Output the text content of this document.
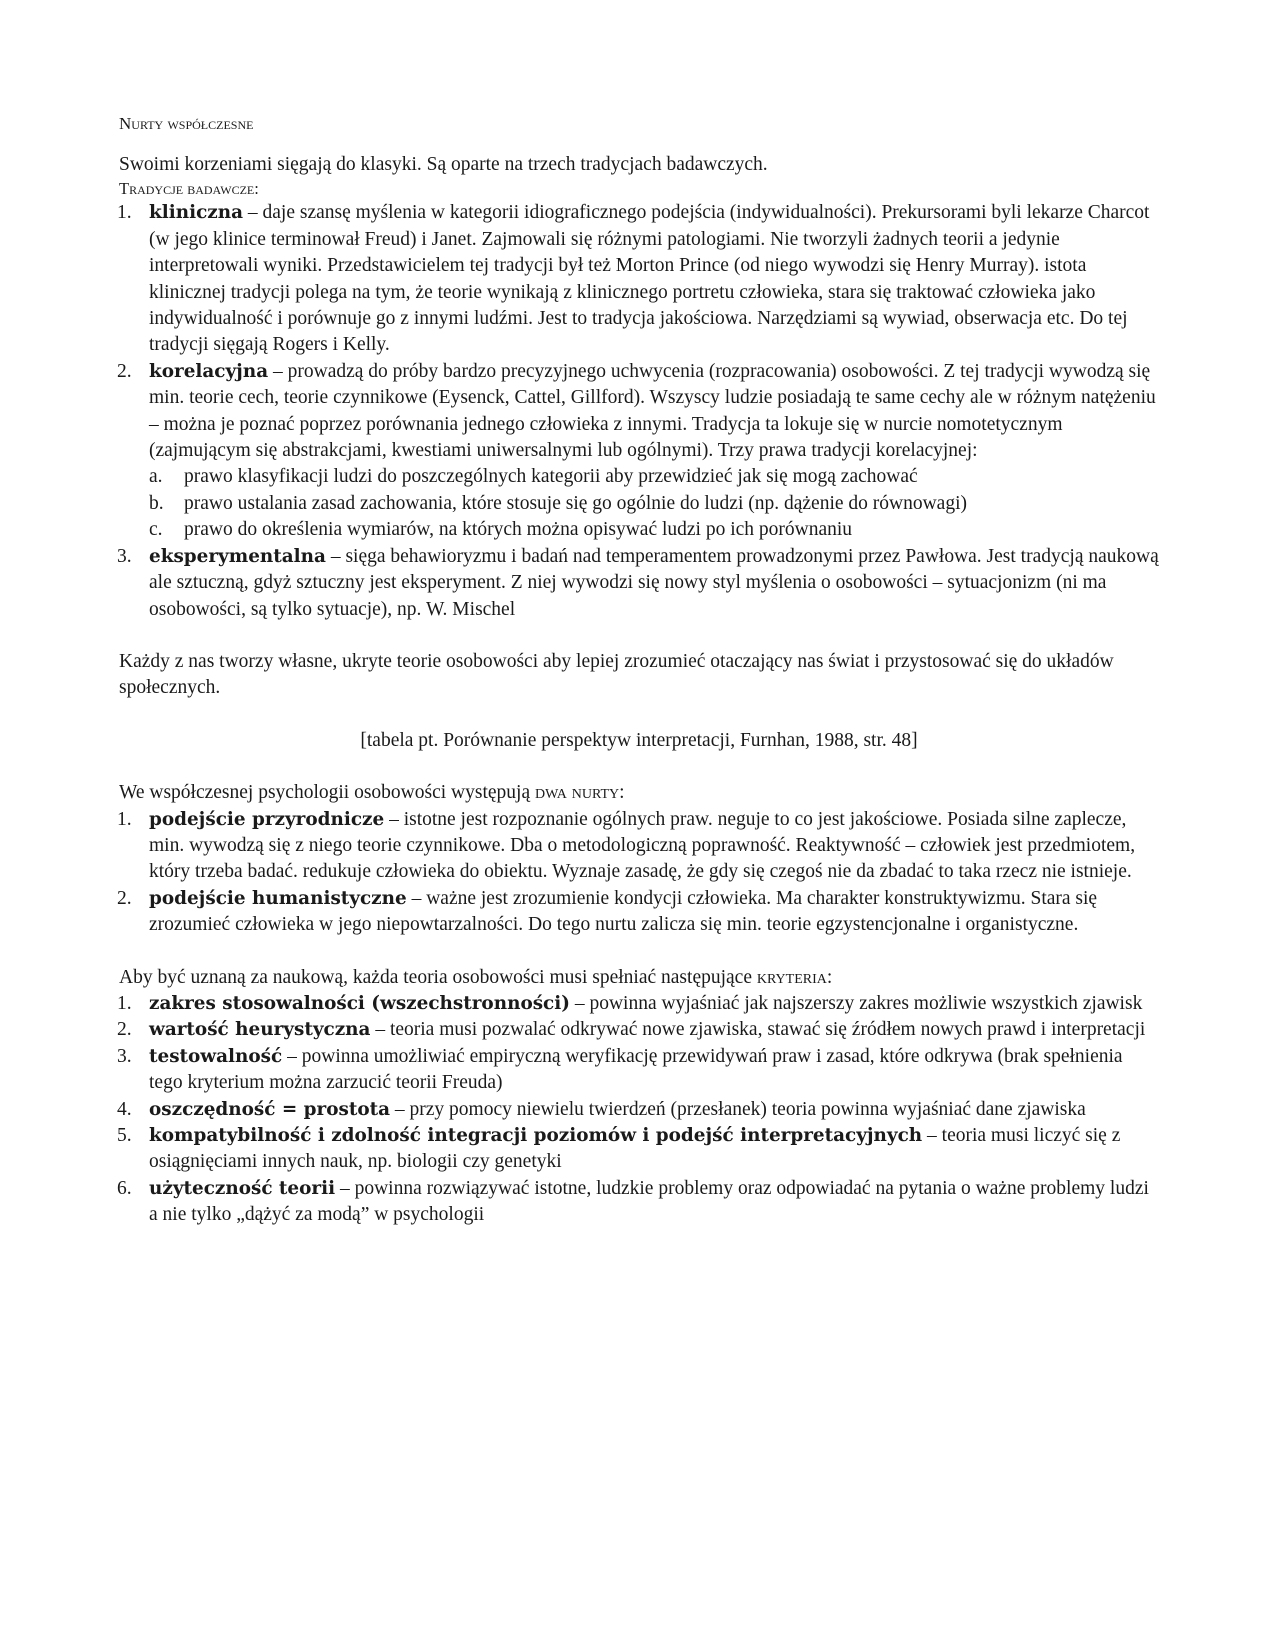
Nurty współczesne

Swoimi korzeniami sięgają do klasyki. Są oparte na trzech tradycjach badawczych.

Tradycje badawcze:

1. kliniczna – daje szansę myślenia w kategorii idiograficznego podejścia (indywidualności). Prekursorami byli lekarze Charcot (w jego klinice terminował Freud) i Janet. Zajmowali się różnymi patologiami. Nie tworzyli żadnych teorii a jedynie interpretowali wyniki. Przedstawicielem tej tradycji był też Morton Prince (od niego wywodzi się Henry Murray). istota klinicznej tradycji polega na tym, że teorie wynikają z klinicznego portretu człowieka, stara się traktować człowieka jako indywidualność i porównuje go z innymi ludźmi. Jest to tradycja jakościowa. Narzędziami są wywiad, obserwacja etc. Do tej tradycji sięgają Rogers i Kelly.
2. korelacyjna – prowadzą do próby bardzo precyzyjnego uchwycenia (rozpracowania) osobowości. Z tej tradycji wywodzą się min. teorie cech, teorie czynnikowe (Eysenck, Cattel, Gillford). Wszyscy ludzie posiadają te same cechy ale w różnym natężeniu – można je poznać poprzez porównania jednego człowieka z innymi. Tradycja ta lokuje się w nurcie nomotetycznym (zajmującym się abstrakcjami, kwestiami uniwersalnymi lub ogólnymi). Trzy prawa tradycji korelacyjnej:
a. prawo klasyfikacji ludzi do poszczególnych kategorii aby przewidzieć jak się mogą zachować
b. prawo ustalania zasad zachowania, które stosuje się go ogólnie do ludzi (np. dążenie do równowagi)
c. prawo do określenia wymiarów, na których można opisywać ludzi po ich porównaniu
3. eksperymentalna – sięga behawioryzmu i badań nad temperamentem prowadzonymi przez Pawłowa. Jest tradycją naukową ale sztuczną, gdyż sztuczny jest eksperyment. Z niej wywodzi się nowy styl myślenia o osobowości – sytuacjonizm (ni ma osobowości, są tylko sytuacje), np. W. Mischel

Każdy z nas tworzy własne, ukryte teorie osobowości aby lepiej zrozumieć otaczający nas świat i przystosować się do układów społecznych.

[tabela pt. Porównanie perspektyw interpretacji, Furnhan, 1988, str. 48]

We współczesnej psychologii osobowości występują dwa nurty:

1. podejście przyrodnicze – istotne jest rozpoznanie ogólnych praw. neguje to co jest jakościowe. Posiada silne zaplecze, min. wywodzą się z niego teorie czynnikowe. Dba o metodologiczną poprawność. Reaktywność – człowiek jest przedmiotem, który trzeba badać. redukuje człowieka do obiektu. Wyznaje zasadę, że gdy się czegoś nie da zbadać to taka rzecz nie istnieje.
2. podejście humanistyczne – ważne jest zrozumienie kondycji człowieka. Ma charakter konstruktywizmu. Stara się zrozumieć człowieka w jego niepowtarzalności. Do tego nurtu zalicza się min. teorie egzystencjonalne i organistyczne.

Aby być uznaną za naukową, każda teoria osobowości musi spełniać następujące kryteria:

1. zakres stosowalności (wszechstronności) – powinna wyjaśniać jak najszerszy zakres możliwie wszystkich zjawisk
2. wartość heurystyczna – teoria musi pozwalać odkrywać nowe zjawiska, stawać się źródłem nowych prawd i interpretacji
3. testowalność – powinna umożliwiać empiryczną weryfikację przewidywań praw i zasad, które odkrywa (brak spełnienia tego kryterium można zarzucić teorii Freuda)
4. oszczędność = prostota – przy pomocy niewielu twierdzeń (przesłanek) teoria powinna wyjaśniać dane zjawiska
5. kompatybilność i zdolność integracji poziomów i podejść interpretacyjnych – teoria musi liczyć się z osiągnięciami innych nauk, np. biologii czy genetyki
6. użyteczność teorii – powinna rozwiązywać istotne, ludzkie problemy oraz odpowiadać na pytania o ważne problemy ludzi a nie tylko „dążyć za modą” w psychologii
